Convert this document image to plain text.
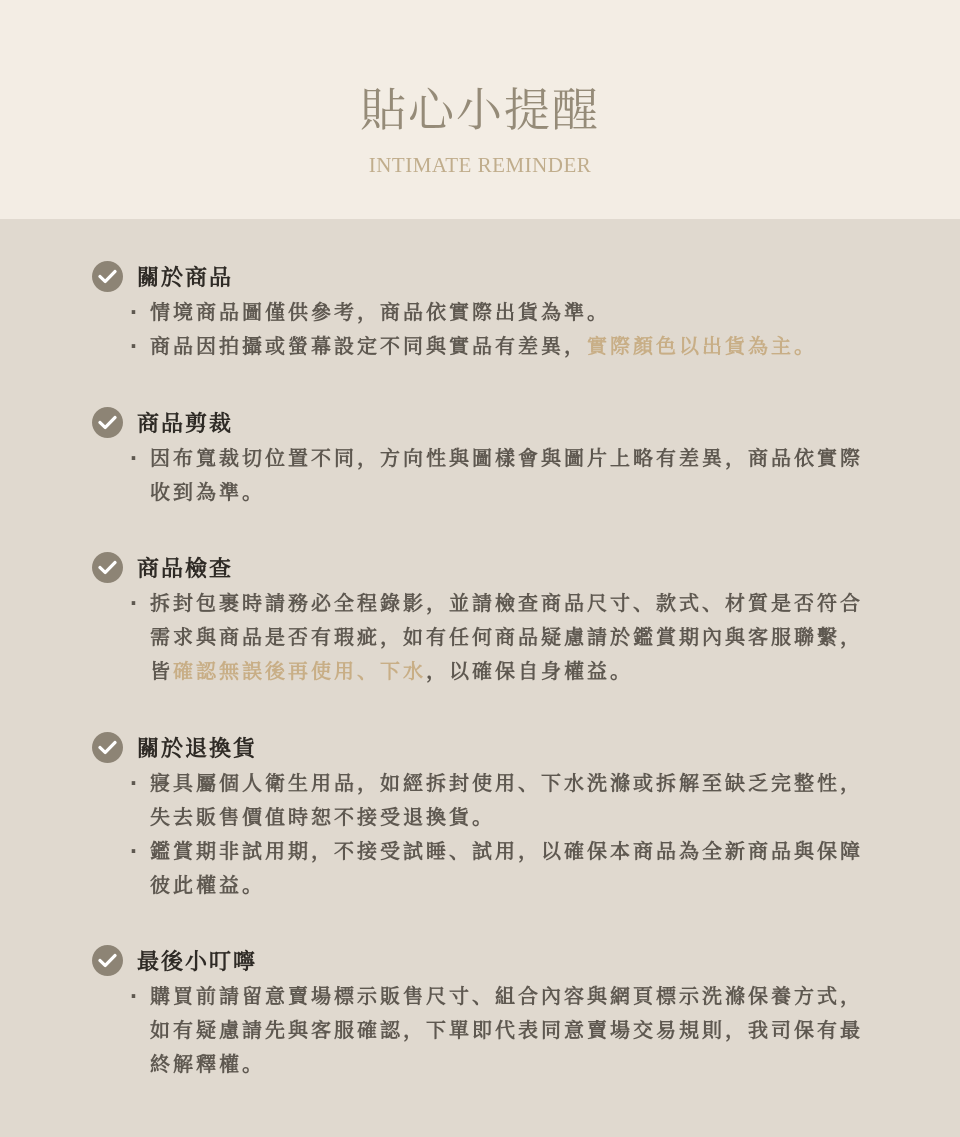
貼心小提醒
INTIMATE REMINDER
關於商品
‧ 情境商品圖僅供參考，商品依實際出貨為準。
‧ 商品因拍攝或螢幕設定不同與實品有差異，實際顏色以出貨為主。
商品剪裁
‧ 因布寬裁切位置不同，方向性與圖樣會與圖片上略有差異，商品依實際收到為準。
商品檢查
‧ 拆封包裹時請務必全程錄影，並請檢查商品尺寸、款式、材質是否符合需求與商品是否有瑕疵，如有任何商品疑慮請於鑑賞期內與客服聯繫，皆確認無誤後再使用、下水，以確保自身權益。
關於退換貨
‧ 寢具屬個人衛生用品，如經拆封使用、下水洗滌或拆解至缺乏完整性，失去販售價值時恕不接受退換貨。
‧ 鑑賞期非試用期，不接受試睡、試用，以確保本商品為全新商品與保障彼此權益。
最後小叮嚀
‧ 購買前請留意賣場標示販售尺寸、組合內容與網頁標示洗滌保養方式，如有疑慮請先與客服確認，下單即代表同意賣場交易規則，我司保有最終解釋權。
